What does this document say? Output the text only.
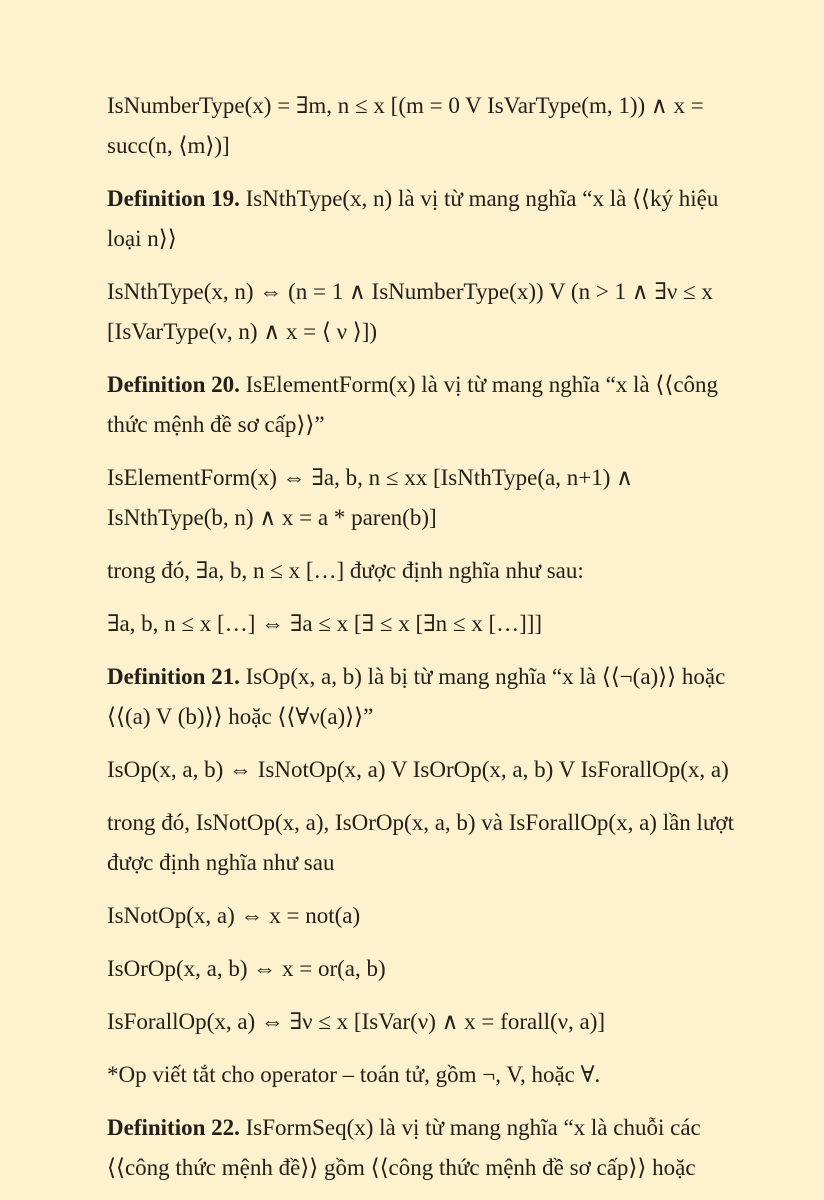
IsNumberType(x) = ∃m, n ≤ x [(m = 0 V IsVarType(m, 1)) ∧ x = succ(n, ⟨m⟩)]

Definition 19. IsNthType(x, n) là vị từ mang nghĩa “x là ⟨⟨ký hiệu loại n⟩⟩

IsNthType(x, n) ⇔ (n = 1 ∧ IsNumberType(x)) V (n > 1 ∧ ∃ν ≤ x [IsVarType(ν, n) ∧ x = ⟨ ν ⟩])

Definition 20. IsElementForm(x) là vị từ mang nghĩa “x là ⟨⟨công thức mệnh đề sơ cấp⟩⟩”

IsElementForm(x) ⇔ ∃a, b, n ≤ xx [IsNthType(a, n+1) ∧ IsNthType(b, n) ∧ x = a * paren(b)]

trong đó, ∃a, b, n ≤ x […] được định nghĩa như sau:

∃a, b, n ≤ x […] ⇔ ∃a ≤ x [∃ ≤ x [∃n ≤ x […]]]

Definition 21. IsOp(x, a, b) là bị từ mang nghĩa “x là ⟨⟨¬(a)⟩⟩ hoặc ⟨⟨(a) V (b)⟩⟩ hoặc ⟨⟨∀ν(a)⟩⟩”

IsOp(x, a, b) ⇔ IsNotOp(x, a) V IsOrOp(x, a, b) V IsForallOp(x, a)

trong đó, IsNotOp(x, a), IsOrOp(x, a, b) và IsForallOp(x, a) lần lượt được định nghĩa như sau

IsNotOp(x, a) ⇔ x = not(a)

IsOrOp(x, a, b) ⇔ x = or(a, b)

IsForallOp(x, a) ⇔ ∃ν ≤ x [IsVar(ν) ∧ x = forall(ν, a)]

*Op viết tắt cho operator – toán tử, gồm ¬, V, hoặc ∀.

Definition 22. IsFormSeq(x) là vị từ mang nghĩa “x là chuỗi các ⟨⟨công thức mệnh đề⟩⟩ gồm ⟨⟨công thức mệnh đề sơ cấp⟩⟩ hoặc
